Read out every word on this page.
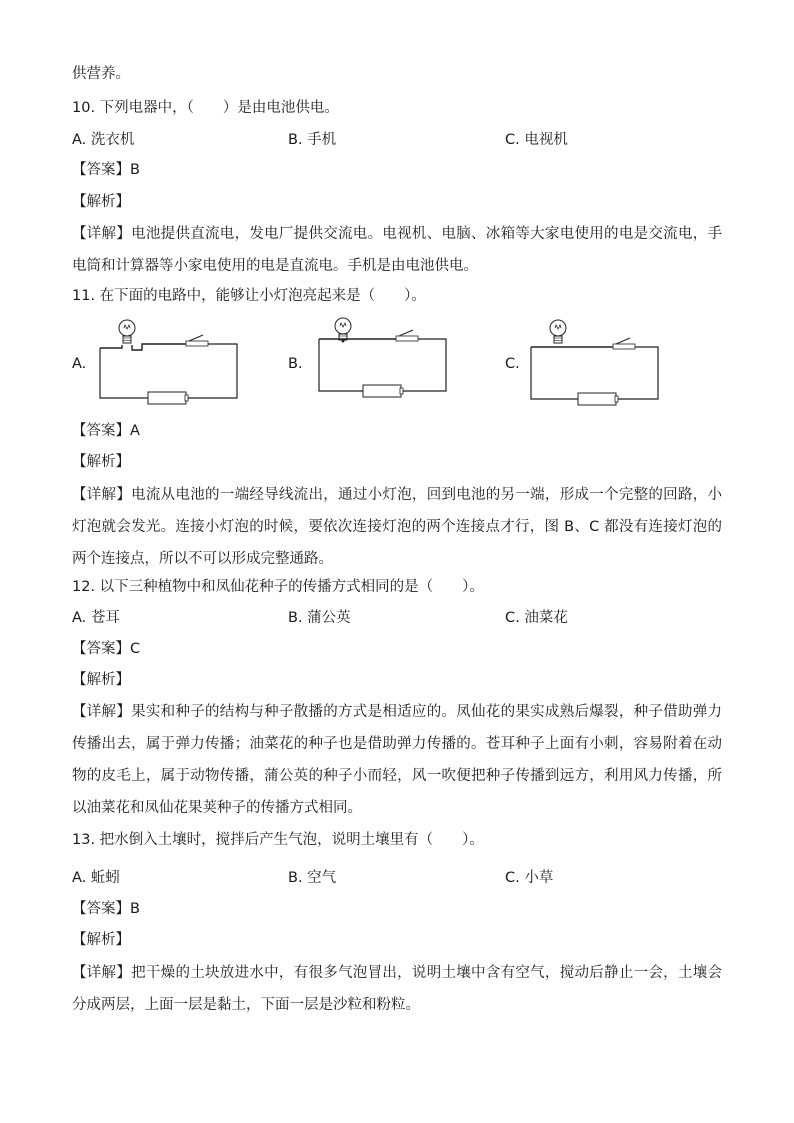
供营养。
10. 下列电器中，（　　）是由电池供电。
A. 洗衣机	B. 手机	C. 电视机
【答案】B
【解析】
【详解】电池提供直流电，发电厂提供交流电。电视机、电脑、冰箱等大家电使用的电是交流电，手电筒和计算器等小家电使用的电是直流电。手机是由电池供电。
11. 在下面的电路中，能够让小灯泡亮起来是（　　）。
A.	B.	C.
【答案】A
【解析】
【详解】电流从电池的一端经导线流出，通过小灯泡，回到电池的另一端，形成一个完整的回路，小灯泡就会发光。连接小灯泡的时候，要依次连接灯泡的两个连接点才行，图 B、C 都没有连接灯泡的两个连接点，所以不可以形成完整通路。
12. 以下三种植物中和凤仙花种子的传播方式相同的是（　　）。
A. 苍耳	B. 蒲公英	C. 油菜花
【答案】C
【解析】
【详解】果实和种子的结构与种子散播的方式是相适应的。凤仙花的果实成熟后爆裂，种子借助弹力传播出去，属于弹力传播；油菜花的种子也是借助弹力传播的。苍耳种子上面有小刺，容易附着在动物的皮毛上，属于动物传播，蒲公英的种子小而轻，风一吹便把种子传播到远方，利用风力传播，所以油菜花和凤仙花果荚种子的传播方式相同。
13. 把水倒入土壤时，搅拌后产生气泡，说明土壤里有（　　）。
A. 蚯蚓	B. 空气	C. 小草
【答案】B
【解析】
【详解】把干燥的土块放进水中，有很多气泡冒出，说明土壤中含有空气，搅动后静止一会，土壤会分成两层，上面一层是黏土，下面一层是沙粒和粉粒。
